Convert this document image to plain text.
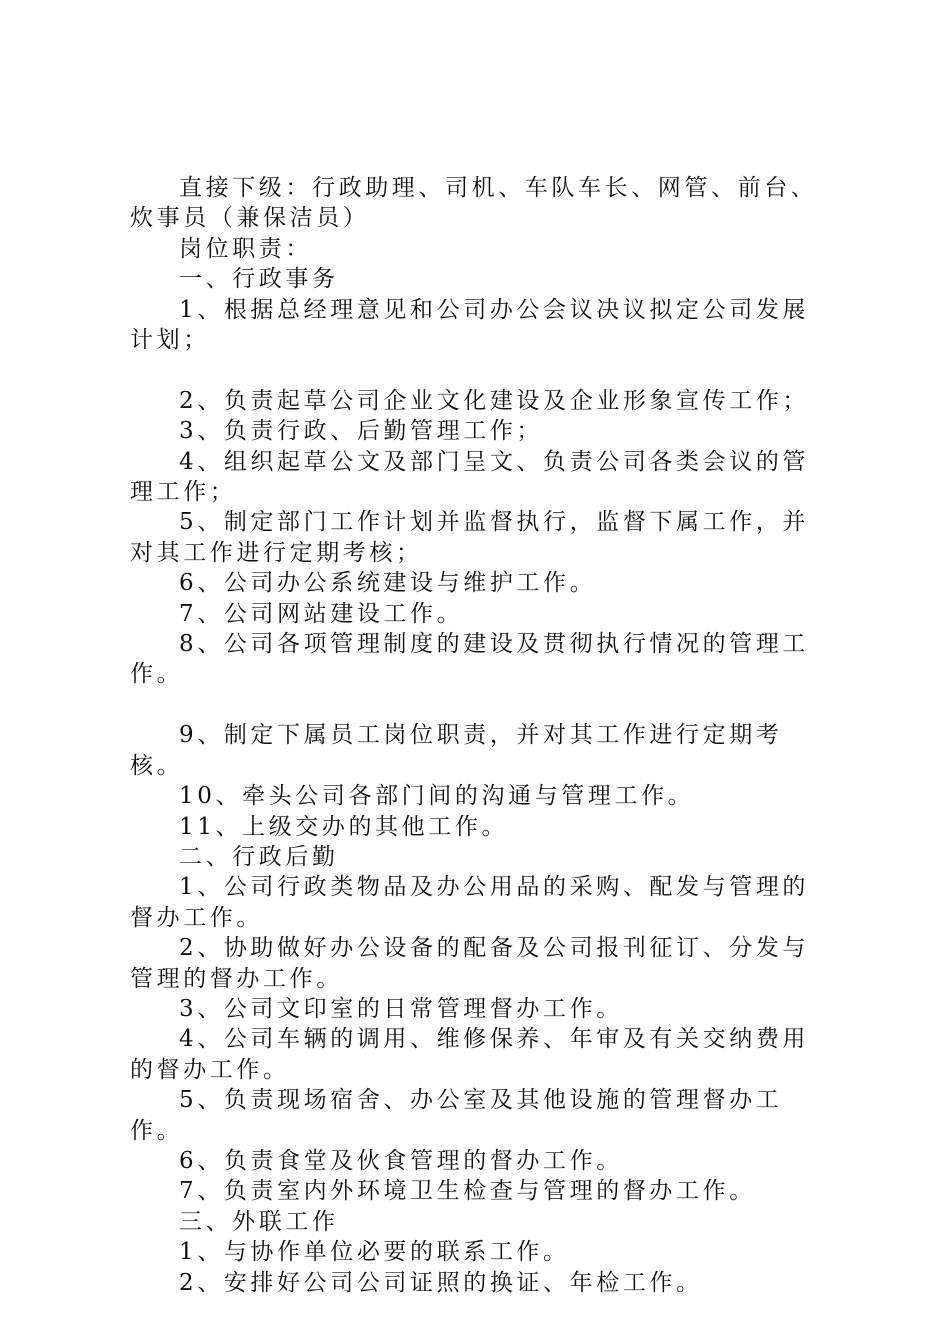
直接下级：行政助理、司机、车队车长、网管、前台、炊事员（兼保洁员）

岗位职责：

一、行政事务

1、根据总经理意见和公司办公会议决议拟定公司发展计划；

2、负责起草公司企业文化建设及企业形象宣传工作；

3、负责行政、后勤管理工作；

4、组织起草公文及部门呈文、负责公司各类会议的管理工作；

5、制定部门工作计划并监督执行，监督下属工作，并对其工作进行定期考核；

6、公司办公系统建设与维护工作。

7、公司网站建设工作。

8、公司各项管理制度的建设及贯彻执行情况的管理工作。

9、制定下属员工岗位职责，并对其工作进行定期考核。

10、牵头公司各部门间的沟通与管理工作。

11、上级交办的其他工作。

二、行政后勤

1、公司行政类物品及办公用品的采购、配发与管理的督办工作。

2、协助做好办公设备的配备及公司报刊征订、分发与管理的督办工作。

3、公司文印室的日常管理督办工作。

4、公司车辆的调用、维修保养、年审及有关交纳费用的督办工作。

5、负责现场宿舍、办公室及其他设施的管理督办工作。

6、负责食堂及伙食管理的督办工作。

7、负责室内外环境卫生检查与管理的督办工作。

三、外联工作

1、与协作单位必要的联系工作。

2、安排好公司公司证照的换证、年检工作。
